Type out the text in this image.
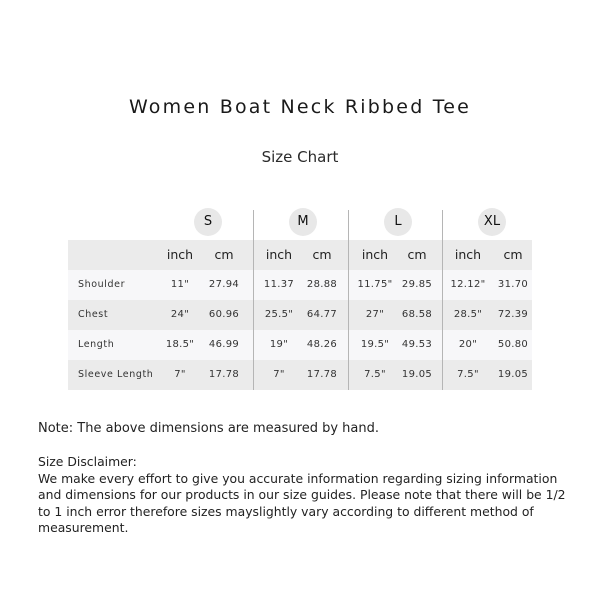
Women Boat Neck Ribbed Tee
Size Chart
S	M	L	XL
inch	cm	inch	cm	inch	cm	inch	cm
Shoulder	11"	27.94	11.37	28.88	11.75" 29.85	12.12"	31.70
Chest	24"	60.96	25.5"	64.77	27"	68.58	28.5"	72.39
Length	18.5"	46.99	19"	48.26	19.5"	49.53	20"	50.80
Sleeve Length	7"	17.78	7"	17.78	7.5"	19.05	7.5"	19.05
Note: The above dimensions are measured by hand.

Size Disclaimer:

We make every effort to give you accurate information regarding sizing information and dimensions for our products in our size guides. Please note that there will be 1/2 to 1 inch error therefore sizes mayslightly vary according to different method of measurement.
